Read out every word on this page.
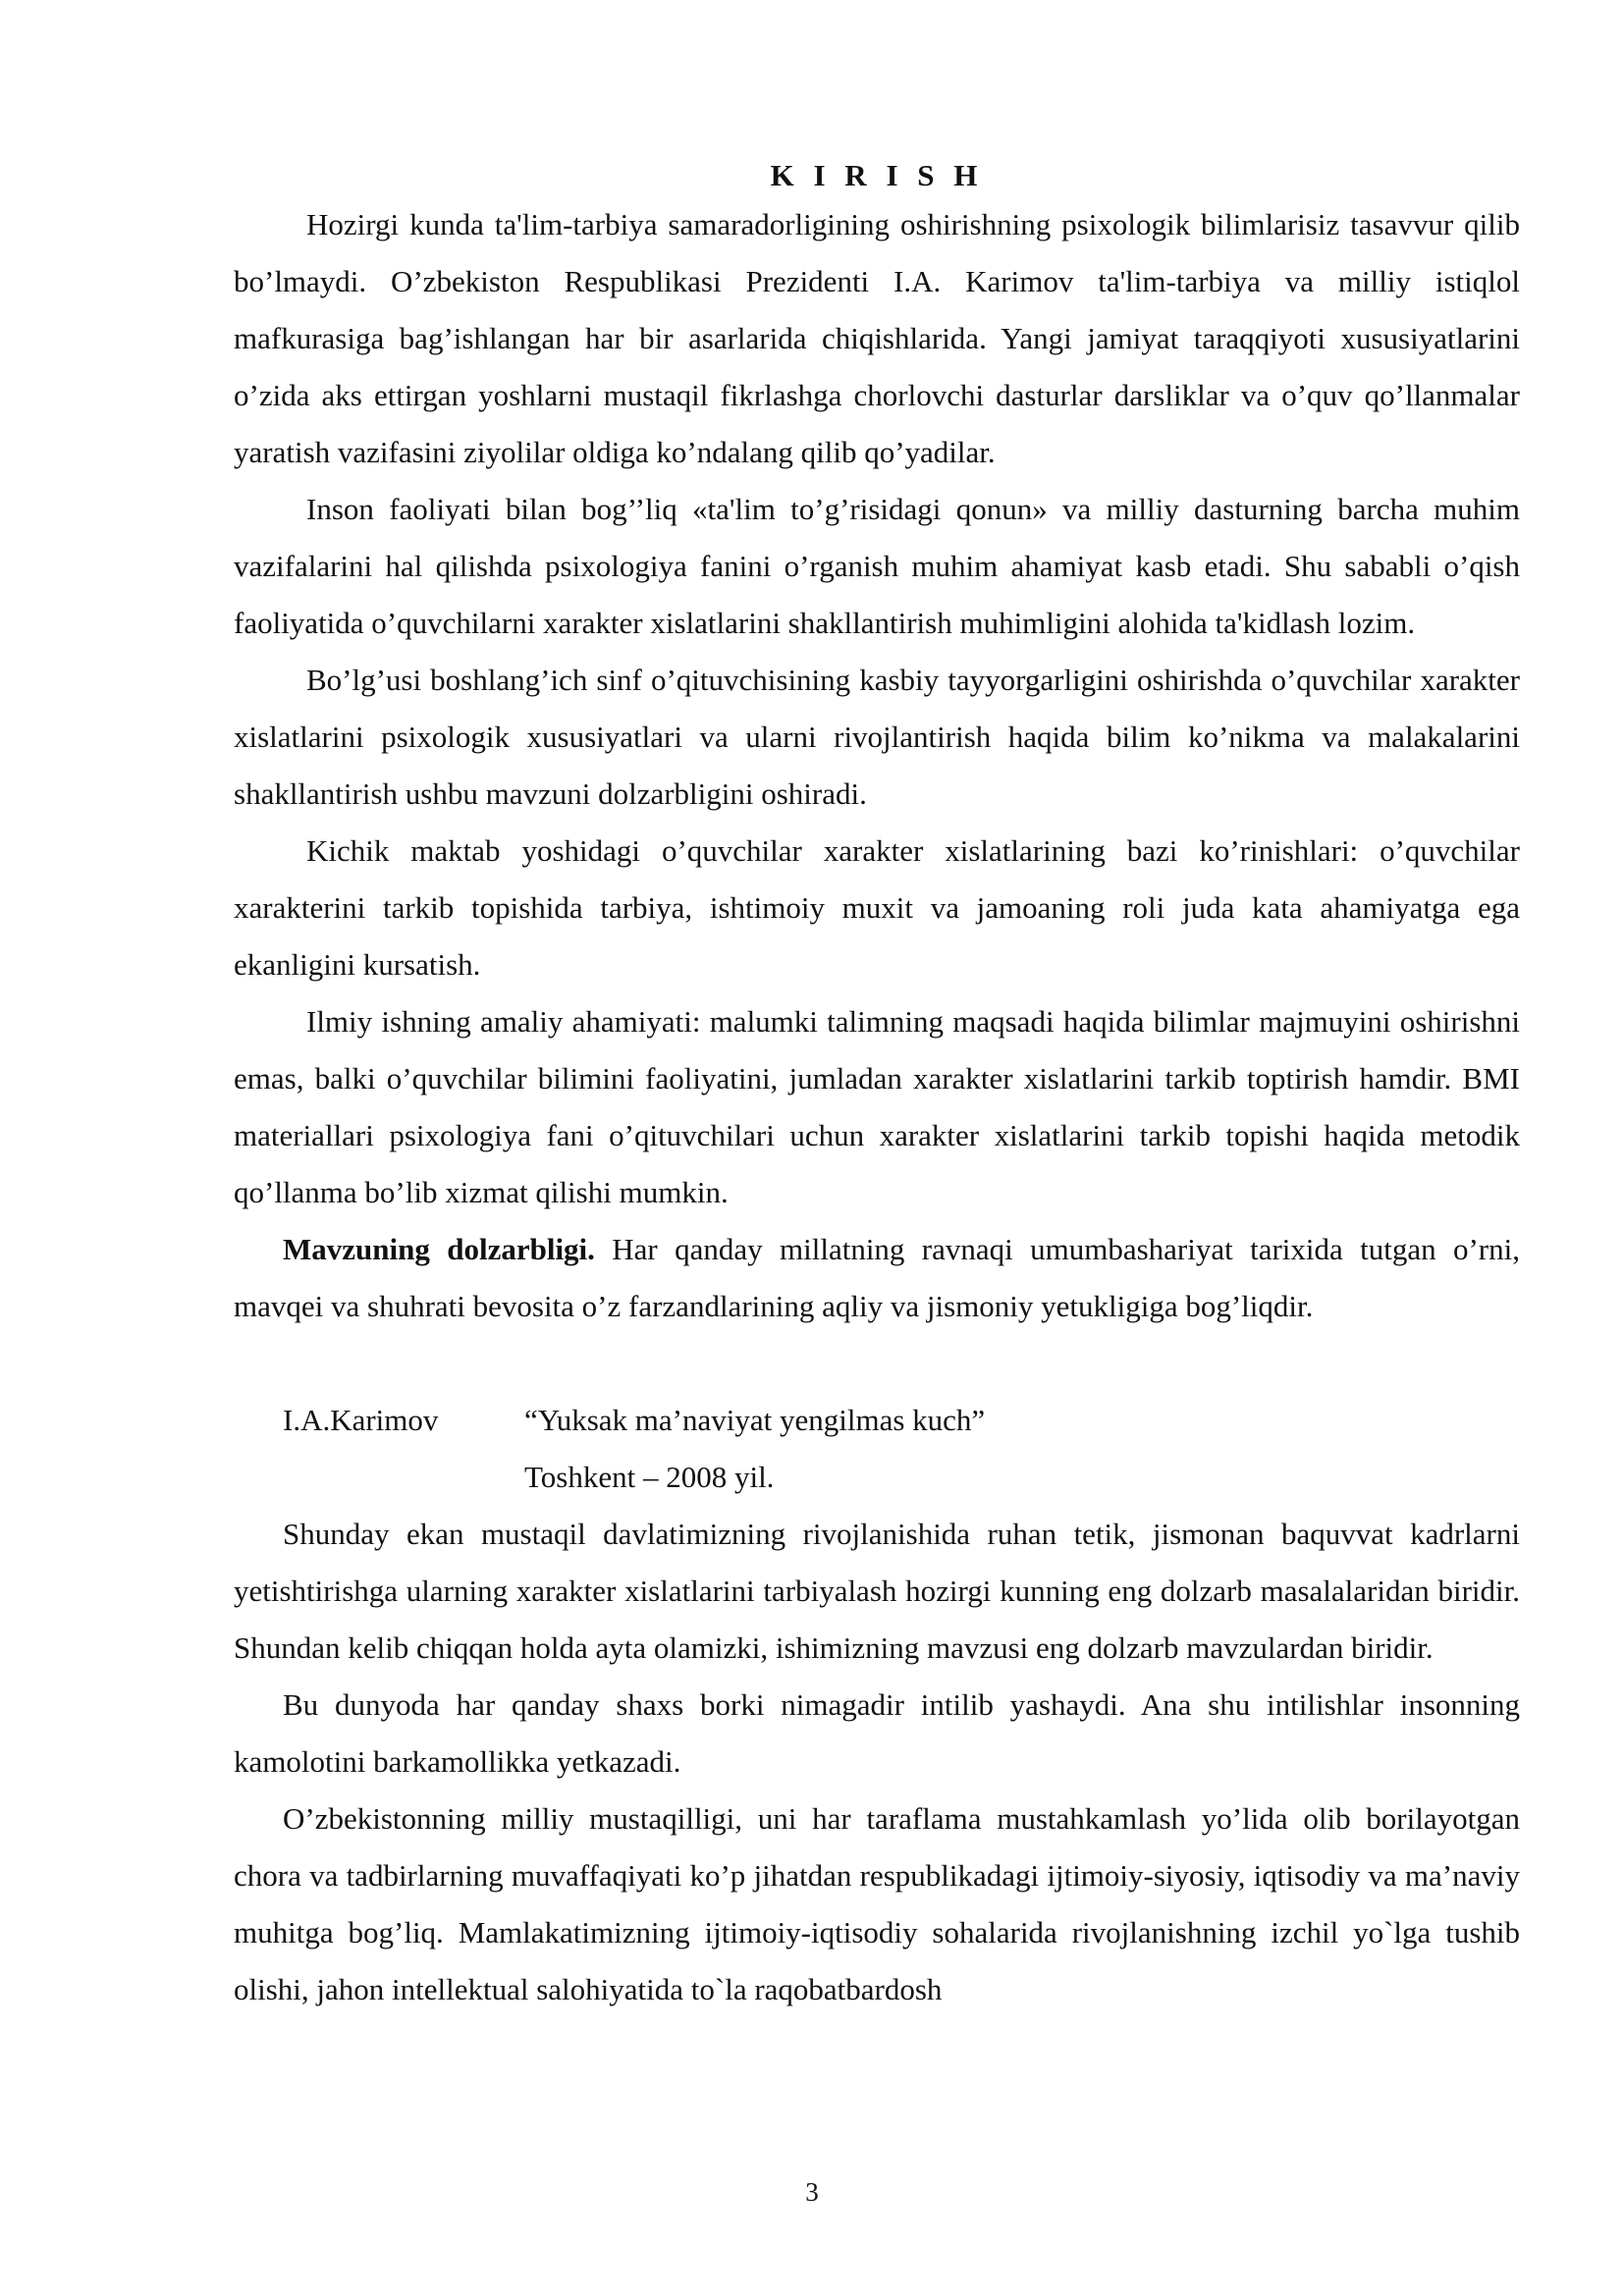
K I R I S H

Hozirgi kunda ta'lim-tarbiya samaradorligining oshirishning psixologik bilimlarisiz tasavvur qilib bo’lmaydi. O’zbekiston Respublikasi Prezidenti I.A. Karimov ta'lim-tarbiya va milliy istiqlol mafkurasiga bag’ishlangan har bir asarlarida chiqishlarida. Yangi jamiyat taraqqiyoti xususiyatlarini o’zida aks ettirgan yoshlarni mustaqil fikrlashga chorlovchi dasturlar darsliklar va o’quv qo’llanmalar yaratish vazifasini ziyolilar oldiga ko’ndalang qilib qo’yadilar.

Inson faoliyati bilan bog’’liq «ta'lim to’g’risidagi qonun» va milliy dasturning barcha muhim vazifalarini hal qilishda psixologiya fanini o’rganish muhim ahamiyat kasb etadi. Shu sababli o’qish faoliyatida o’quvchilarni xarakter xislatlarini shakllantirish muhimligini alohida ta'kidlash lozim.

Bo’lg’usi boshlang’ich sinf o’qituvchisining kasbiy tayyorgarligini oshirishda o’quvchilar xarakter xislatlarini psixologik xususiyatlari va ularni rivojlantirish haqida bilim ko’nikma va malakalarini shakllantirish ushbu mavzuni dolzarbligini oshiradi.

Kichik maktab yoshidagi o’quvchilar xarakter xislatlarining bazi ko’rinishlari: o’quvchilar xarakterini tarkib topishida tarbiya, ishtimoiy muxit va jamoaning roli juda kata ahamiyatga ega ekanligini kursatish.

Ilmiy ishning amaliy ahamiyati: malumki talimning maqsadi haqida bilimlar majmuyini oshirishni emas, balki o’quvchilar bilimini faoliyatini, jumladan xarakter xislatlarini tarkib toptirish hamdir. BMI materiallari psixologiya fani o’qituvchilari uchun xarakter xislatlarini tarkib topishi haqida metodik qo’llanma bo’lib xizmat qilishi mumkin.

Mavzuning dolzarbligi. Har qanday millatning ravnaqi umumbashariyat tarixida tutgan o’rni, mavqei va shuhrati bevosita o’z farzandlarining aqliy va jismoniy yetukligiga bog’liqdir.

I.A.Karimov	“Yuksak ma’naviyat yengilmas kuch”

Toshkent – 2008 yil.

Shunday ekan mustaqil davlatimizning rivojlanishida ruhan tetik, jismonan baquvvat kadrlarni yetishtirishga ularning xarakter xislatlarini tarbiyalash hozirgi kunning eng dolzarb masalalaridan biridir. Shundan kelib chiqqan holda ayta olamizki, ishimizning mavzusi eng dolzarb mavzulardan biridir.

Bu dunyoda har qanday shaxs borki nimagadir intilib yashaydi. Ana shu intilishlar insonning kamolotini barkamollikka yetkazadi.

O’zbekistonning milliy mustaqilligi, uni har taraflama mustahkamlash yo’lida olib borilayotgan chora va tadbirlarning muvaffaqiyati ko’p jihatdan respublikadagi ijtimoiy-siyosiy, iqtisodiy va ma’naviy muhitga bog’liq. Mamlakatimizning ijtimoiy-iqtisodiy sohalarida rivojlanishning izchil yo`lga tushib olishi, jahon intellektual salohiyatida to`la raqobatbardosh

3
